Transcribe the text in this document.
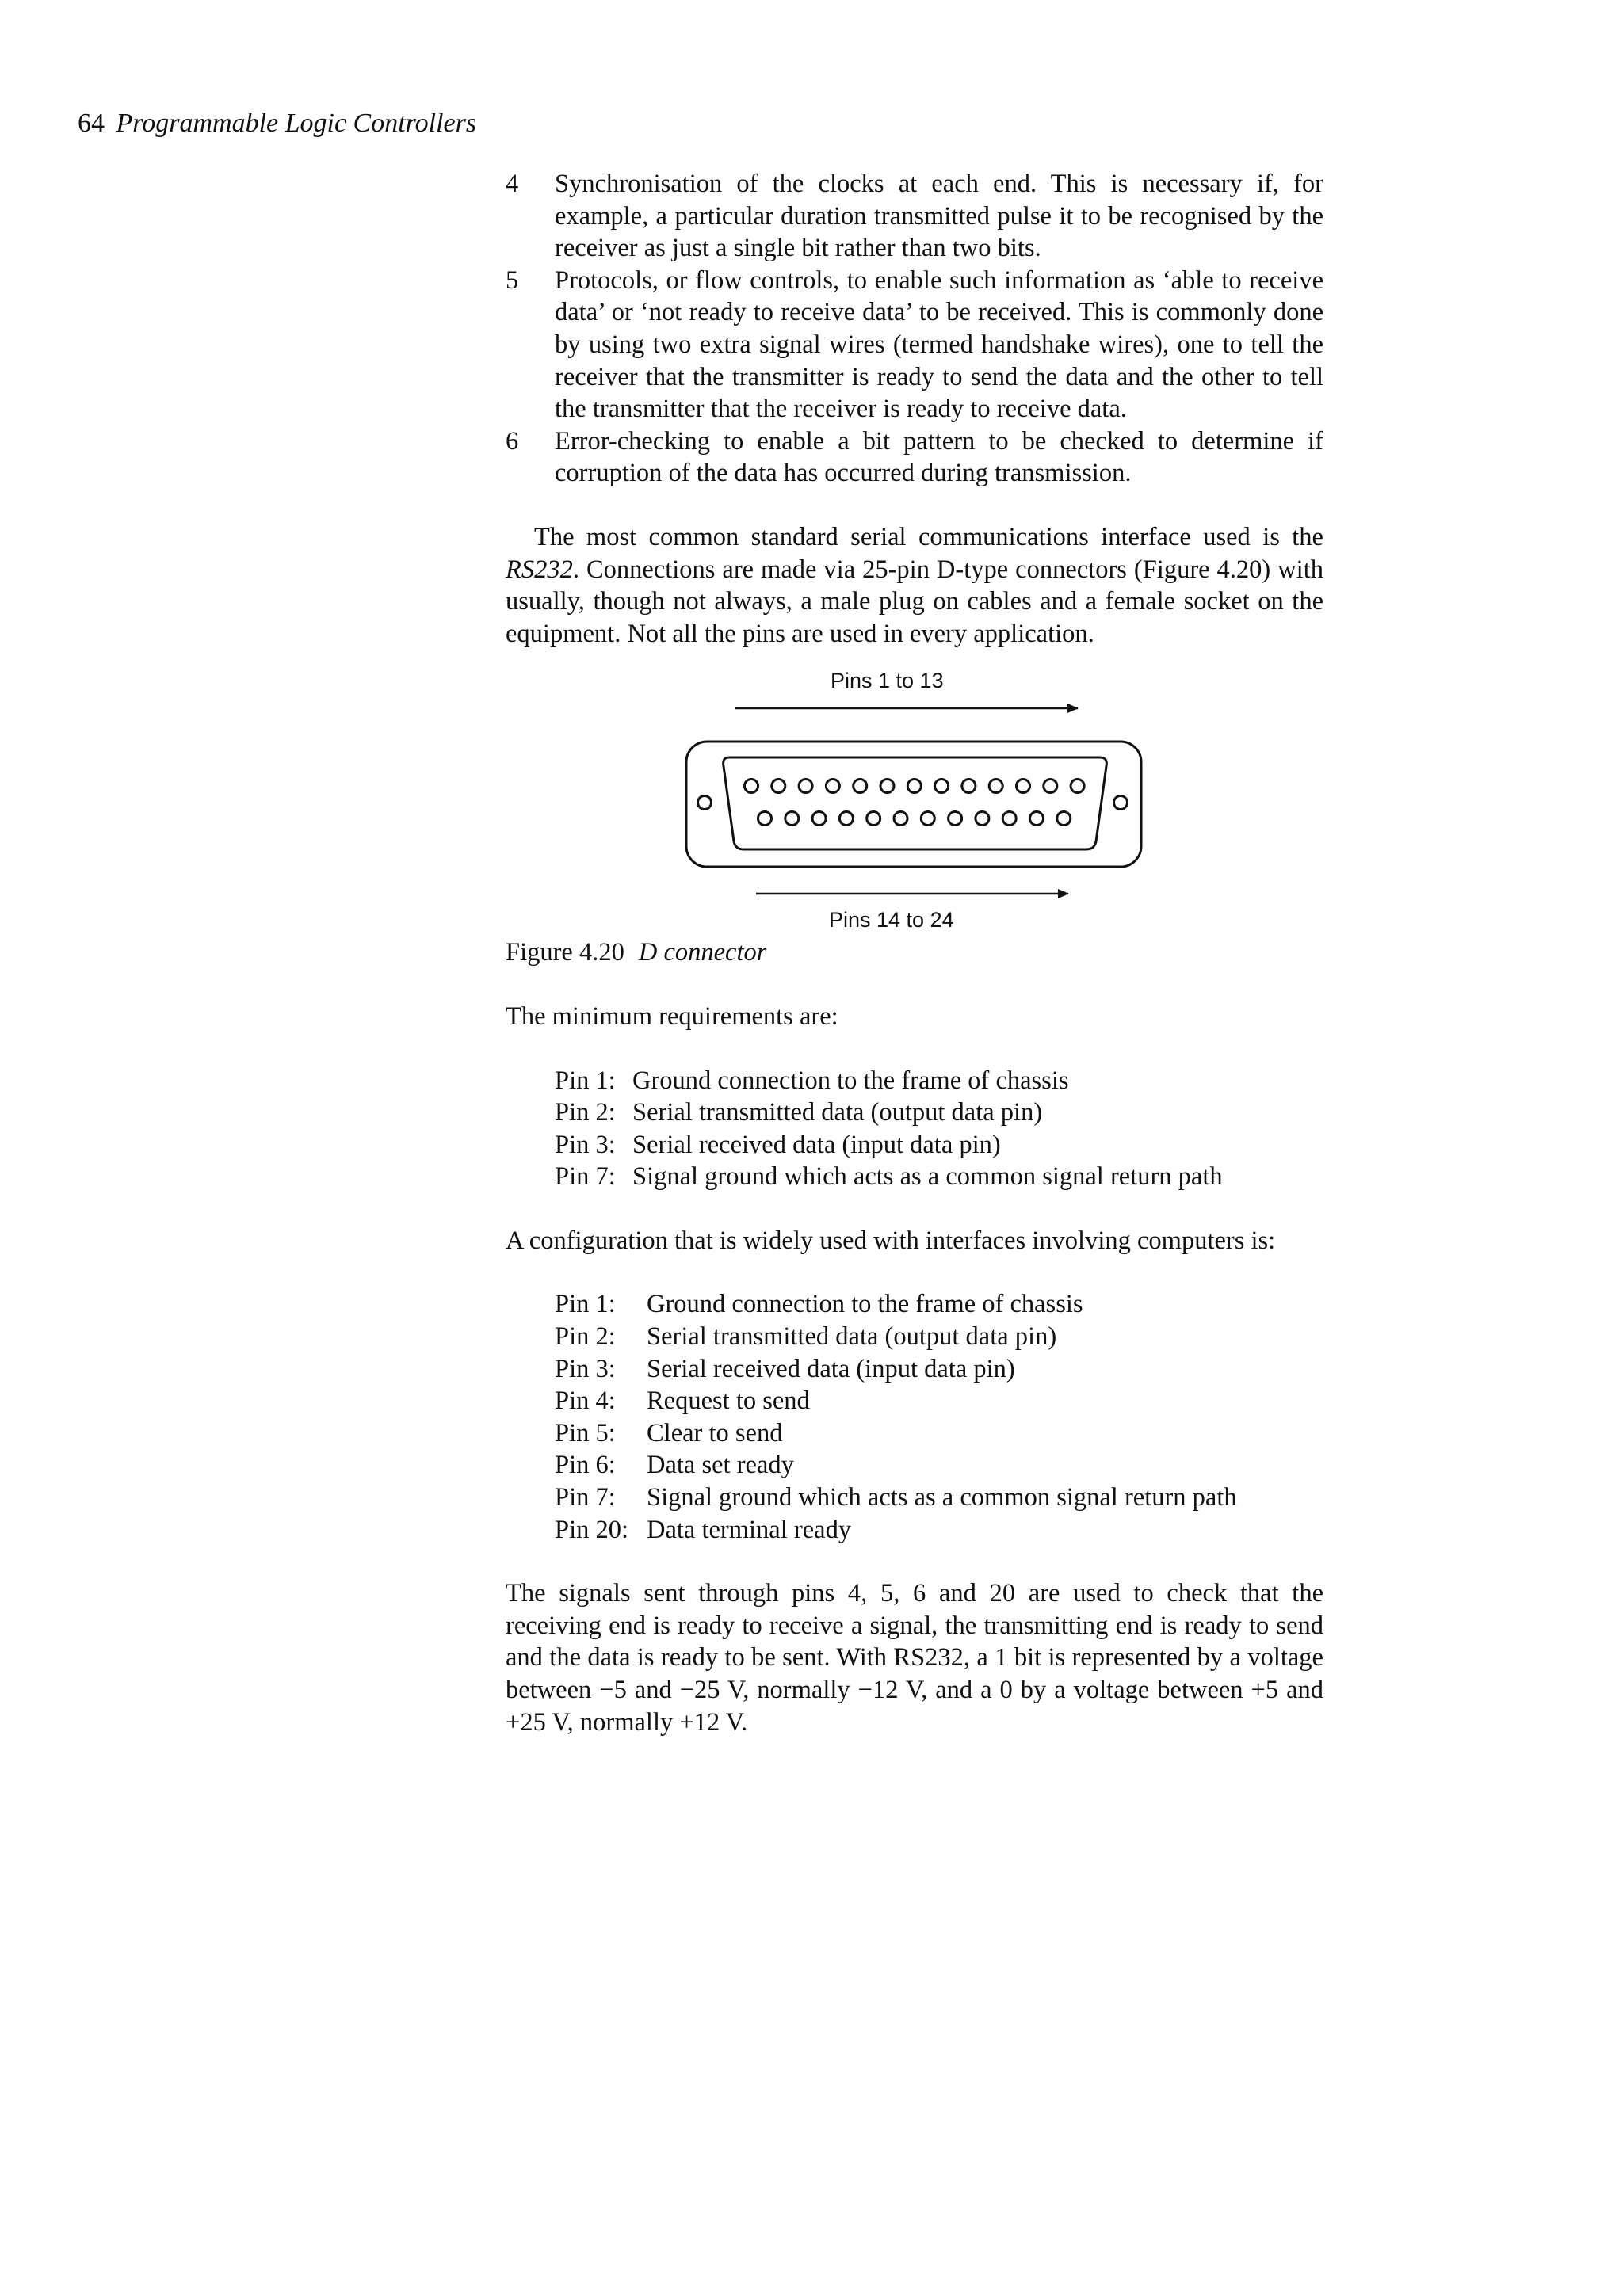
64 Programmable Logic Controllers
4	Synchronisation of the clocks at each end. This is necessary if, for example, a particular duration transmitted pulse it to be recognised by the receiver as just a single bit rather than two bits.
5	Protocols, or flow controls, to enable such information as ‘able to receive data’ or ‘not ready to receive data’ to be received. This is commonly done by using two extra signal wires (termed handshake wires), one to tell the receiver that the transmitter is ready to send the data and the other to tell the transmitter that the receiver is ready to receive data.
6	Error-checking to enable a bit pattern to be checked to determine if corruption of the data has occurred during transmission.

The most common standard serial communications interface used is the RS232. Connections are made via 25-pin D-type connectors (Figure 4.20) with usually, though not always, a male plug on cables and a female socket on the equipment. Not all the pins are used in every application.

Pins 1 to 13
Pins 14 to 24

Figure 4.20 D connector

The minimum requirements are:

Pin 1: Ground connection to the frame of chassis
Pin 2: Serial transmitted data (output data pin)
Pin 3: Serial received data (input data pin)
Pin 7: Signal ground which acts as a common signal return path

A configuration that is widely used with interfaces involving computers is:

Pin 1:	Ground connection to the frame of chassis
Pin 2:	Serial transmitted data (output data pin)
Pin 3:	Serial received data (input data pin)
Pin 4:	Request to send
Pin 5:	Clear to send
Pin 6:	Data set ready
Pin 7:	Signal ground which acts as a common signal return path
Pin 20: Data terminal ready

The signals sent through pins 4, 5, 6 and 20 are used to check that the receiving end is ready to receive a signal, the transmitting end is ready to send and the data is ready to be sent. With RS232, a 1 bit is represented by a voltage between −5 and −25 V, normally −12 V, and a 0 by a voltage between +5 and +25 V, normally +12 V.
